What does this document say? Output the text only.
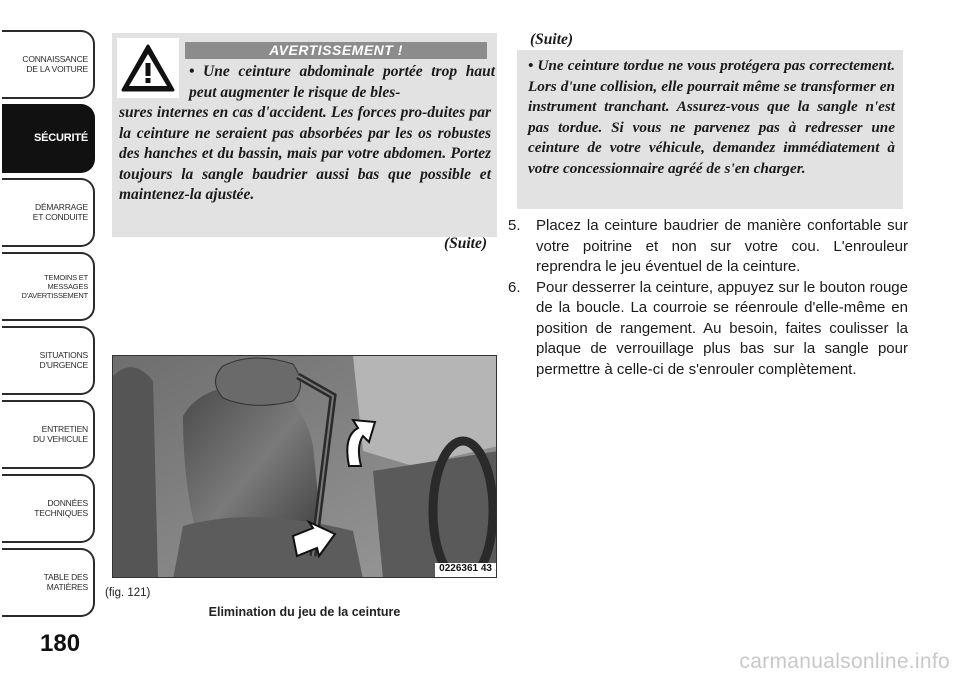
CONNAISSANCE
DE LA VOITURE
SÉCURITÉ
DÉMARRAGE
ET CONDUITE
TEMOINS ET
MESSAGES
D'AVERTISSEMENT
SITUATIONS
D'URGENCE
ENTRETIEN
DU VEHICULE
DONNÉES
TECHNIQUES
TABLE DES
MATIÈRES
180
AVERTISSEMENT !

• Une ceinture abdominale portée trop haut peut augmenter le risque de bles-

sures internes en cas d'accident. Les forces pro-duites par la ceinture ne seraient pas absorbées par les os robustes des hanches et du bassin, mais par votre abdomen. Portez toujours la sangle baudrier aussi bas que possible et maintenez-la ajustée.

(Suite)

0226361 43
(fig. 121)
Elimination du jeu de la ceinture

(Suite)

• Une ceinture tordue ne vous protégera pas correctement. Lors d'une collision, elle pourrait même se transformer en instrument tranchant. Assurez-vous que la sangle n'est pas tordue. Si vous ne parvenez pas à redresser une ceinture de votre véhicule, demandez immédiatement à votre concessionnaire agréé de s'en charger.

5.	Placez la ceinture baudrier de manière confortable sur votre poitrine et non sur votre cou. L'enrouleur reprendra le jeu éventuel de la ceinture.
6.	Pour desserrer la ceinture, appuyez sur le bouton rouge de la boucle. La courroie se réenroule d'elle-même en position de rangement. Au besoin, faites coulisser la plaque de verrouillage plus bas sur la sangle pour permettre à celle-ci de s'enrouler complètement.
carmanualsonline.info
